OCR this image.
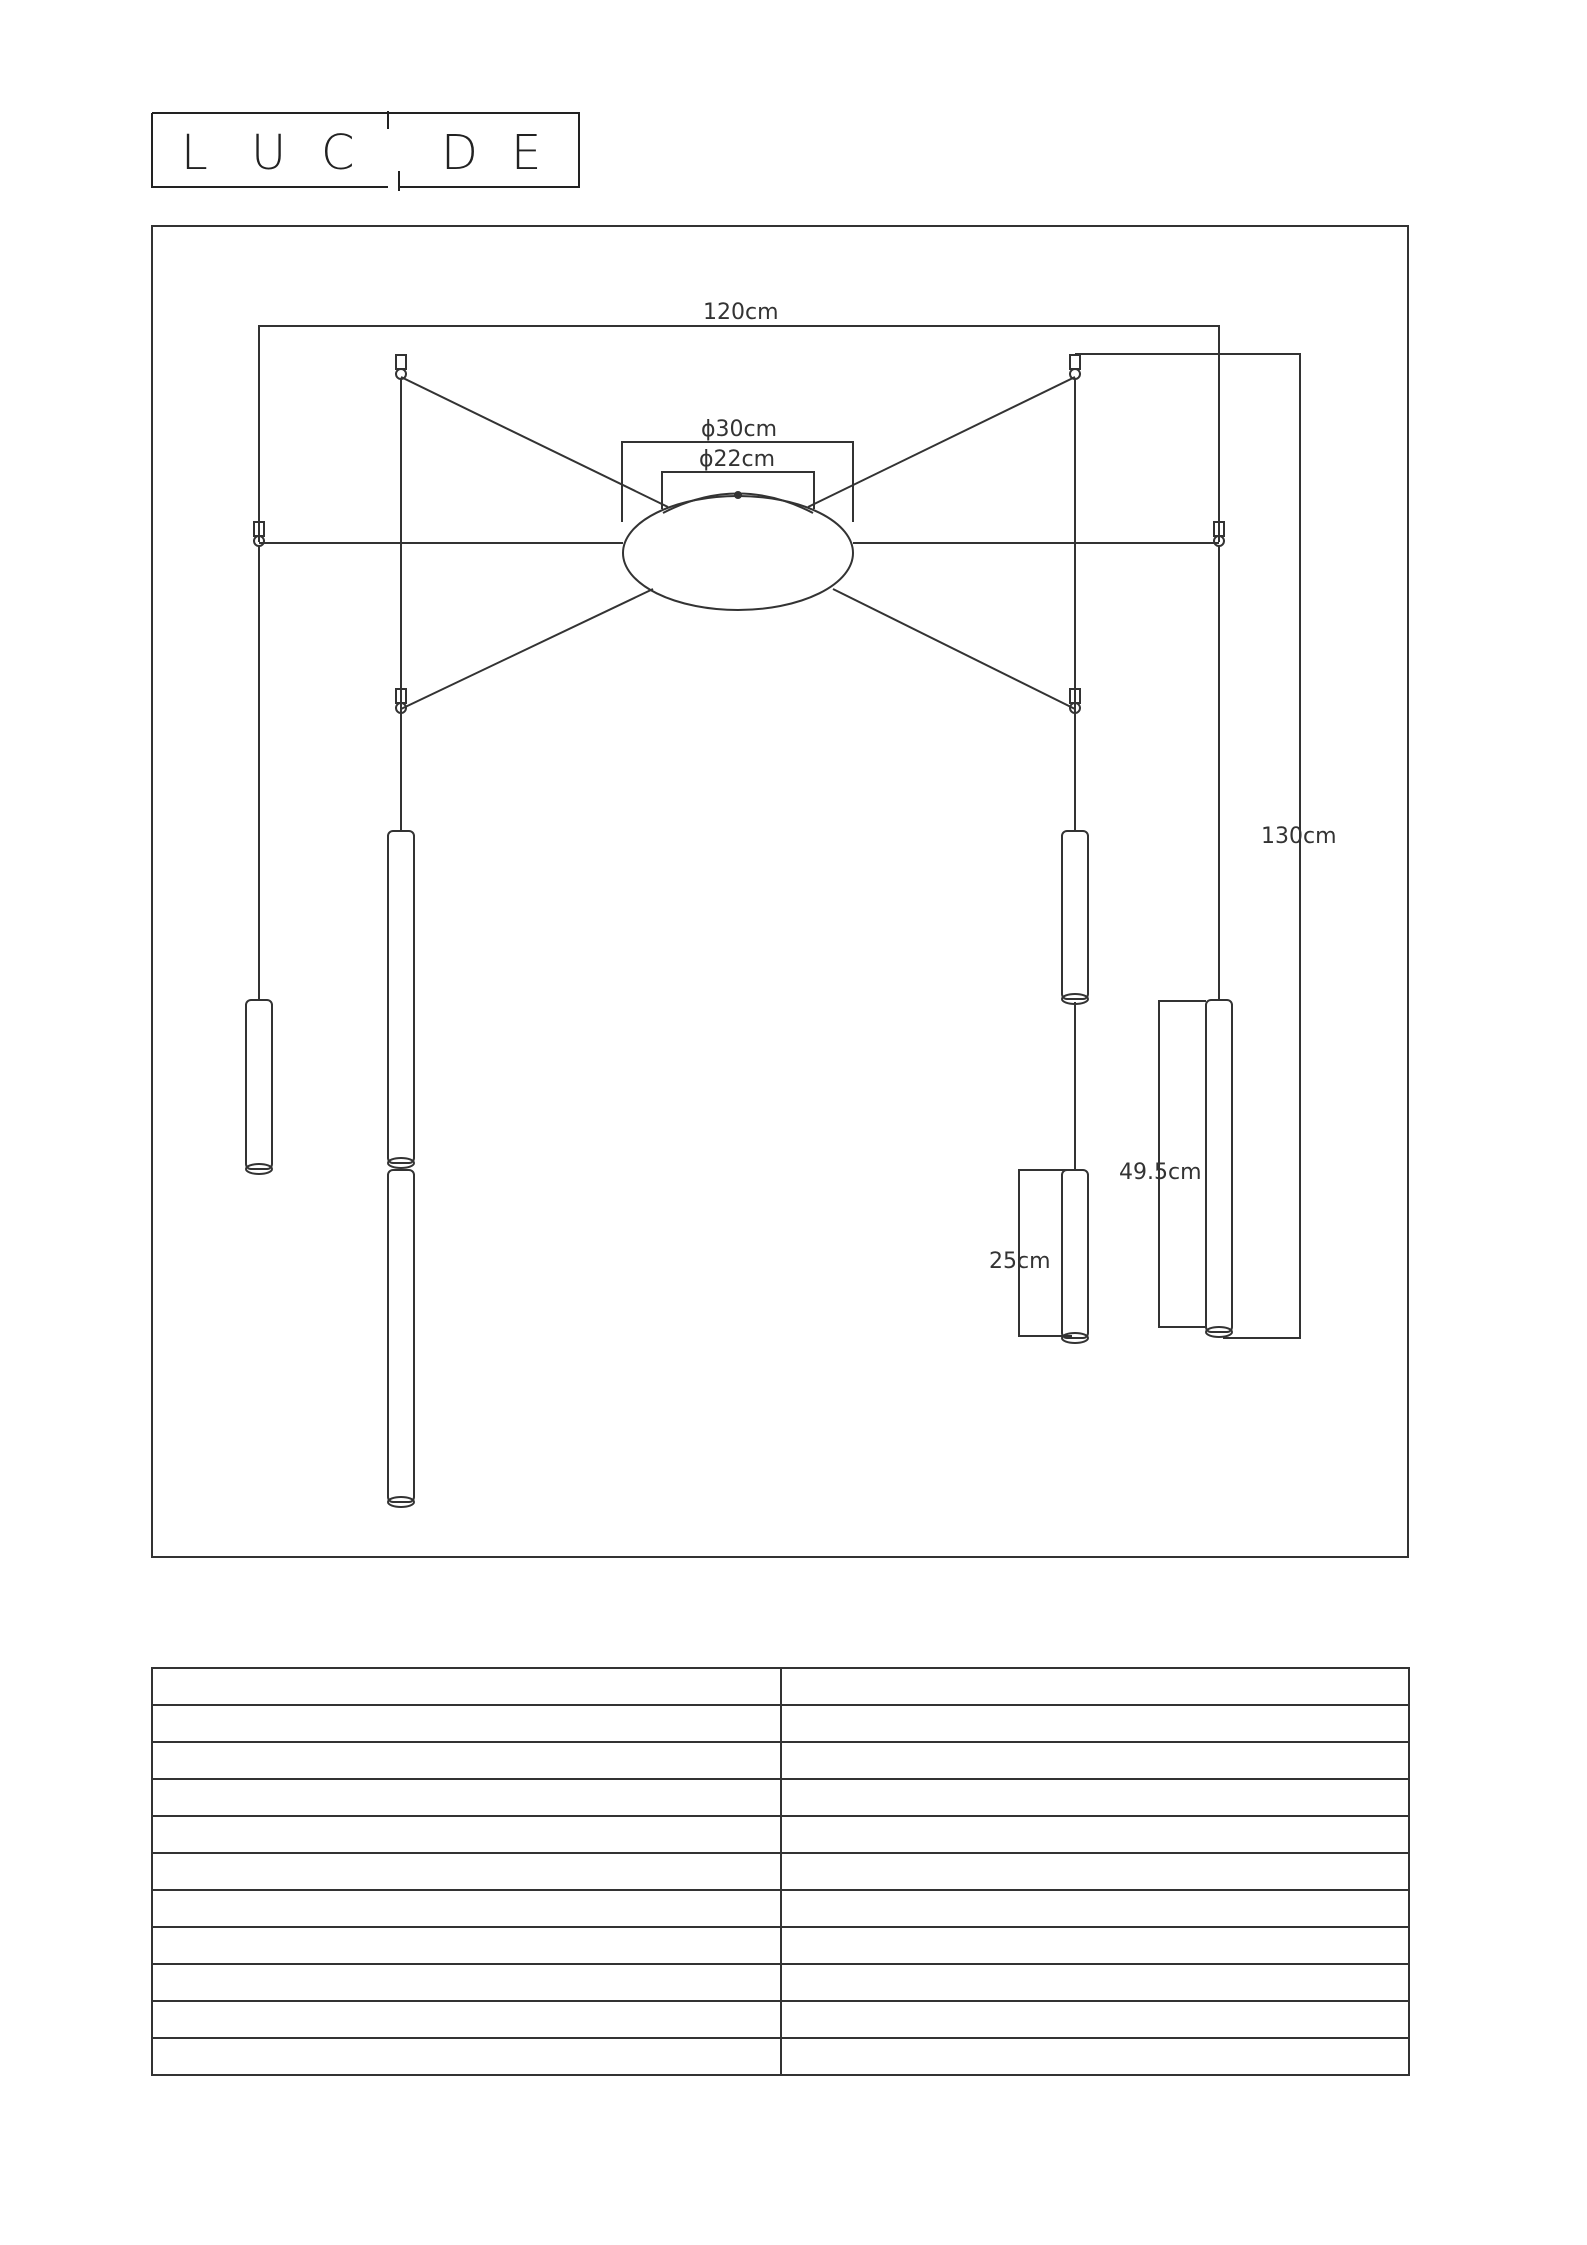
L U C D E
120cm
ϕ30cm
ϕ22cm
130cm
49.5cm
25cm
